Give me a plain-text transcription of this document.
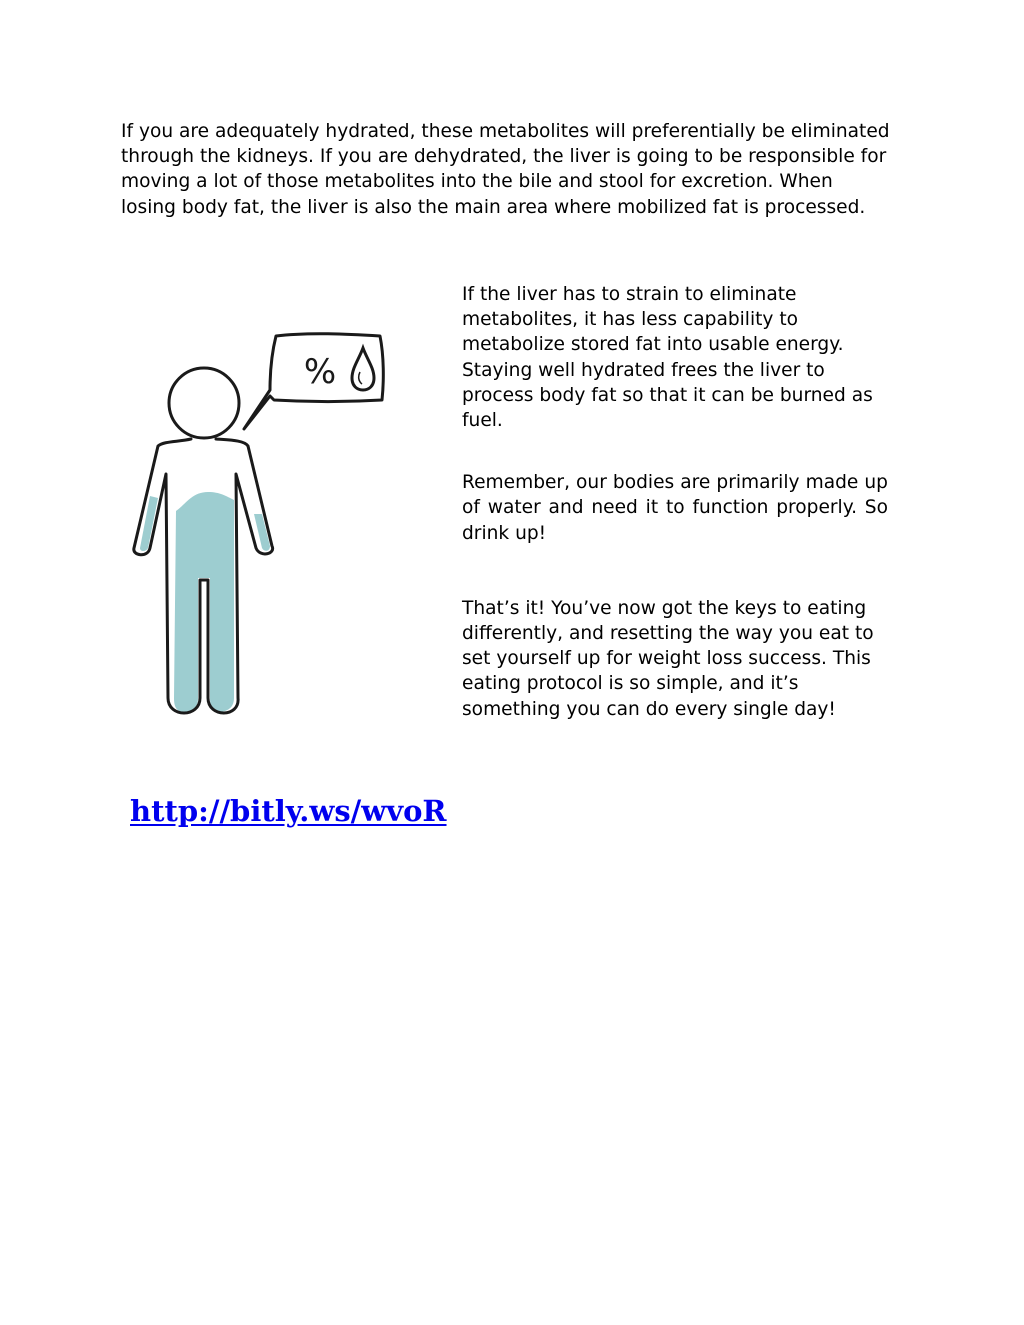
If you are adequately hydrated, these metabolites will preferentially be eliminated through the kidneys. If you are dehydrated, the liver is going to be responsible for moving a lot of those metabolites into the bile and stool for excretion. When losing body fat, the liver is also the main area where mobilized fat is processed.

%

If the liver has to strain to eliminate metabolites, it has less capability to metabolize stored fat into usable energy. Staying well hydrated frees the liver to process body fat so that it can be burned as fuel.

Remember, our bodies are primarily made up of water and need it to function properly. So drink up!

That’s it! You’ve now got the keys to eating differently, and resetting the way you eat to set yourself up for weight loss success. This eating protocol is so simple, and it’s something you can do every single day!

http://bitly.ws/wvoR
